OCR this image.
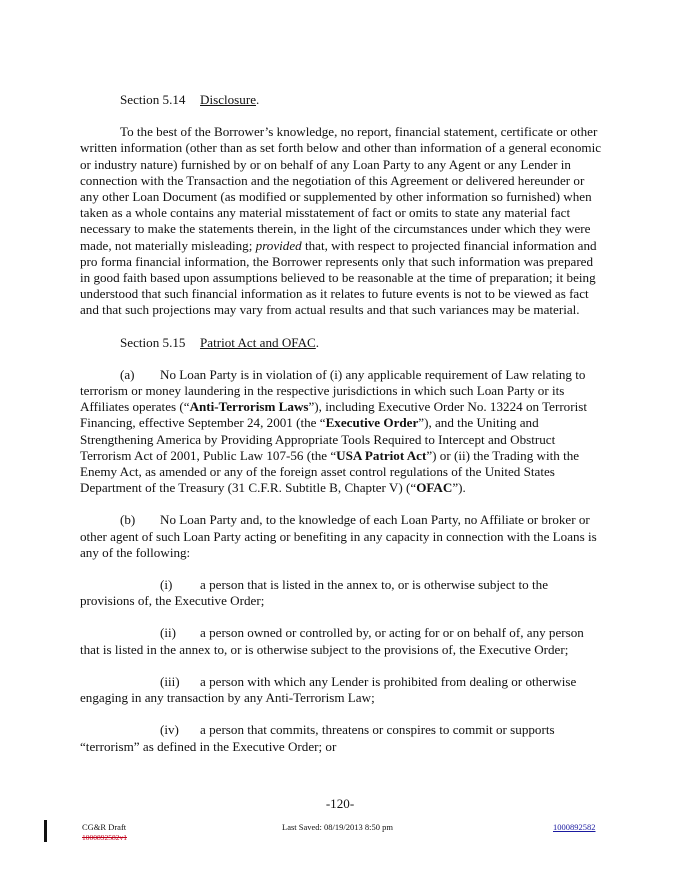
Section 5.14 Disclosure.

To the best of the Borrower’s knowledge, no report, financial statement, certificate or other written information (other than as set forth below and other than information of a general economic or industry nature) furnished by or on behalf of any Loan Party to any Agent or any Lender in connection with the Transaction and the negotiation of this Agreement or delivered hereunder or any other Loan Document (as modified or supplemented by other information so furnished) when taken as a whole contains any material misstatement of fact or omits to state any material fact necessary to make the statements therein, in the light of the circumstances under which they were made, not materially misleading; provided that, with respect to projected financial information and pro forma financial information, the Borrower represents only that such information was prepared in good faith based upon assumptions believed to be reasonable at the time of preparation; it being understood that such financial information as it relates to future events is not to be viewed as fact and that such projections may vary from actual results and that such variances may be material.

Section 5.15 Patriot Act and OFAC.

(a) No Loan Party is in violation of (i) any applicable requirement of Law relating to terrorism or money laundering in the respective jurisdictions in which such Loan Party or its Affiliates operates (“Anti-Terrorism Laws”), including Executive Order No. 13224 on Terrorist Financing, effective September 24, 2001 (the “Executive Order”), and the Uniting and Strengthening America by Providing Appropriate Tools Required to Intercept and Obstruct Terrorism Act of 2001, Public Law 107-56 (the “USA Patriot Act”) or (ii) the Trading with the Enemy Act, as amended or any of the foreign asset control regulations of the United States Department of the Treasury (31 C.F.R. Subtitle B, Chapter V) (“OFAC”).

(b) No Loan Party and, to the knowledge of each Loan Party, no Affiliate or broker or other agent of such Loan Party acting or benefiting in any capacity in connection with the Loans is any of the following:

(i) a person that is listed in the annex to, or is otherwise subject to the provisions of, the Executive Order;

(ii) a person owned or controlled by, or acting for or on behalf of, any person that is listed in the annex to, or is otherwise subject to the provisions of, the Executive Order;

(iii) a person with which any Lender is prohibited from dealing or otherwise engaging in any transaction by any Anti-Terrorism Law;

(iv) a person that commits, threatens or conspires to commit or supports “terrorism” as defined in the Executive Order; or

-120-
CG&R Draft
1000892582v1
Last Saved: 08/19/2013 8:50 pm	1000892582
